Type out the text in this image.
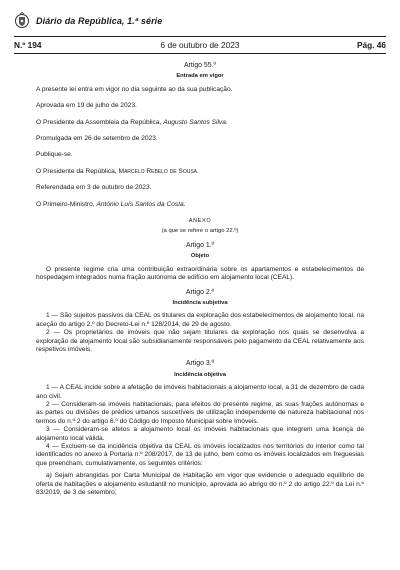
Diário da República, 1.ª série
N.º 194	6 de outubro de 2023	Pág. 46
Artigo 55.º
Entrada em vigor
A presente lei entra em vigor no dia seguinte ao da sua publicação.
Aprovada em 19 de julho de 2023.
O Presidente da Assembleia da República, Augusto Santos Silva.
Promulgada em 26 de setembro de 2023.
Publique-se.
O Presidente da República, Marcelo Rebelo de Sousa.
Referendada em 3 de outubro de 2023.
O Primeiro-Ministro, António Luís Santos da Costa.
ANEXO
(a que se refere o artigo 22.º)
Artigo 1.º
Objeto

O presente regime cria uma contribuição extraordinária sobre os apartamentos e estabelecimentos de hospedagem integrados numa fração autónoma de edifício em alojamento local (CEAL).

Artigo 2.º
Incidência subjetiva

1 — São sujeitos passivos da CEAL os titulares da exploração dos estabelecimentos de alojamento local, na aceção do artigo 2.º do Decreto-Lei n.º 128/2014, de 29 de agosto.

2 — Os proprietários de imóveis que não sejam titulares da exploração nos quais se desenvolva a exploração de alojamento local são subsidiariamente responsáveis pelo pagamento da CEAL relativamente aos respetivos imóveis.

Artigo 3.º
Incidência objetiva

1 — A CEAL incide sobre a afetação de imóveis habitacionais a alojamento local, a 31 de dezembro de cada ano civil.

2 — Consideram-se imóveis habitacionais, para efeitos do presente regime, as suas frações autónomas e as partes ou divisões de prédios urbanos suscetíveis de utilização independente de natureza habitacional nos termos do n.º 2 do artigo 6.º do Código do Imposto Municipal sobre Imóveis.

3 — Consideram-se afetos a alojamento local os imóveis habitacionais que integrem uma licença de alojamento local válida.

4 — Excluem-se da incidência objetiva da CEAL os imóveis localizados nos territórios do interior como tal identificados no anexo à Portaria n.º 208/2017, de 13 de julho, bem como os imóveis localizados em freguesias que preencham, cumulativamente, os seguintes critérios:

a) Sejam abrangidas por Carta Municipal de Habitação em vigor que evidencie o adequado equilíbrio de oferta de habitações e alojamento estudantil no município, aprovada ao abrigo do n.º 2 do artigo 22.º da Lei n.º 83/2019, de 3 de setembro;
